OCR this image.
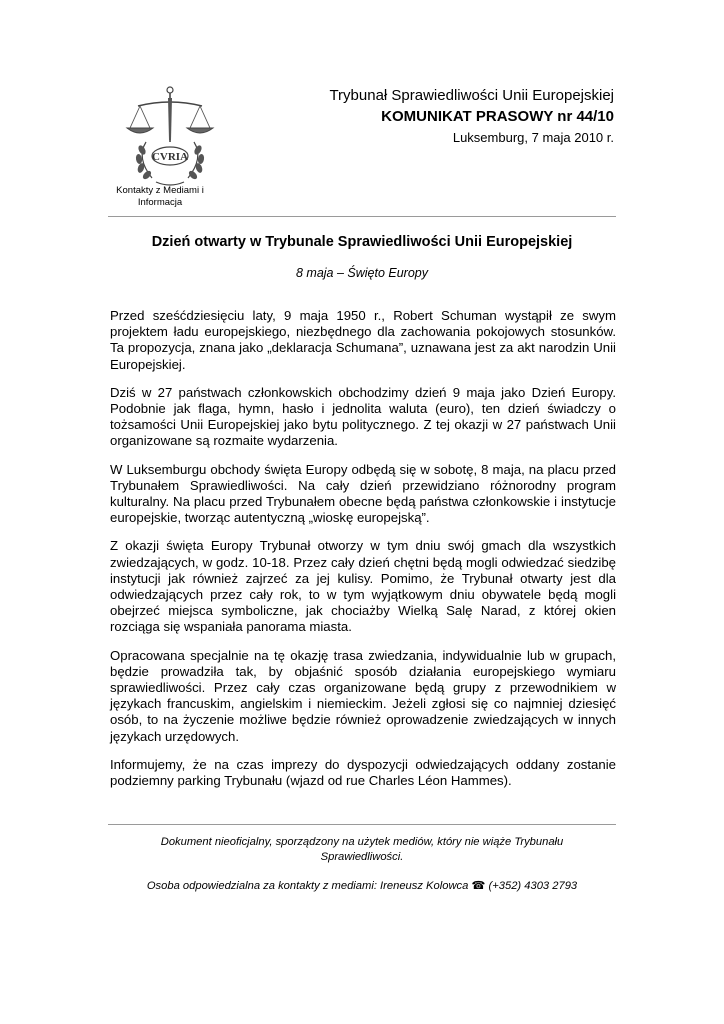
CVRIA
Kontakty z Mediami i Informacja
Trybunał Sprawiedliwości Unii Europejskiej
KOMUNIKAT PRASOWY nr 44/10
Luksemburg, 7 maja 2010 r.
Dzień otwarty w Trybunale Sprawiedliwości Unii Europejskiej
8 maja – Święto Europy

Przed sześćdziesięciu laty, 9 maja 1950 r., Robert Schuman wystąpił ze swym projektem ładu europejskiego, niezbędnego dla zachowania pokojowych stosunków. Ta propozycja, znana jako „deklaracja Schumana”, uznawana jest za akt narodzin Unii Europejskiej.

Dziś w 27 państwach członkowskich obchodzimy dzień 9 maja jako Dzień Europy. Podobnie jak flaga, hymn, hasło i jednolita waluta (euro), ten dzień świadczy o tożsamości Unii Europejskiej jako bytu politycznego. Z tej okazji w 27 państwach Unii organizowane są rozmaite wydarzenia.

W Luksemburgu obchody święta Europy odbędą się w sobotę, 8 maja, na placu przed Trybunałem Sprawiedliwości. Na cały dzień przewidziano różnorodny program kulturalny. Na placu przed Trybunałem obecne będą państwa członkowskie i instytucje europejskie, tworząc autentyczną „wioskę europejską”.

Z okazji święta Europy Trybunał otworzy w tym dniu swój gmach dla wszystkich zwiedzających, w godz. 10-18. Przez cały dzień chętni będą mogli odwiedzać siedzibę instytucji jak również zajrzeć za jej kulisy. Pomimo, że Trybunał otwarty jest dla odwiedzających przez cały rok, to w tym wyjątkowym dniu obywatele będą mogli obejrzeć miejsca symboliczne, jak chociażby Wielką Salę Narad, z której okien rozciąga się wspaniała panorama miasta.

Opracowana specjalnie na tę okazję trasa zwiedzania, indywidualnie lub w grupach, będzie prowadziła tak, by objaśnić sposób działania europejskiego wymiaru sprawiedliwości. Przez cały czas organizowane będą grupy z przewodnikiem w językach francuskim, angielskim i niemieckim. Jeżeli zgłosi się co najmniej dziesięć osób, to na życzenie możliwe będzie również oprowadzenie zwiedzających w innych językach urzędowych.

Informujemy, że na czas imprezy do dyspozycji odwiedzających oddany zostanie podziemny parking Trybunału (wjazd od rue Charles Léon Hammes).

Dokument nieoficjalny, sporządzony na użytek mediów, który nie wiąże Trybunału Sprawiedliwości.

Osoba odpowiedzialna za kontakty z mediami: Ireneusz Kolowca ☎ (+352) 4303 2793
